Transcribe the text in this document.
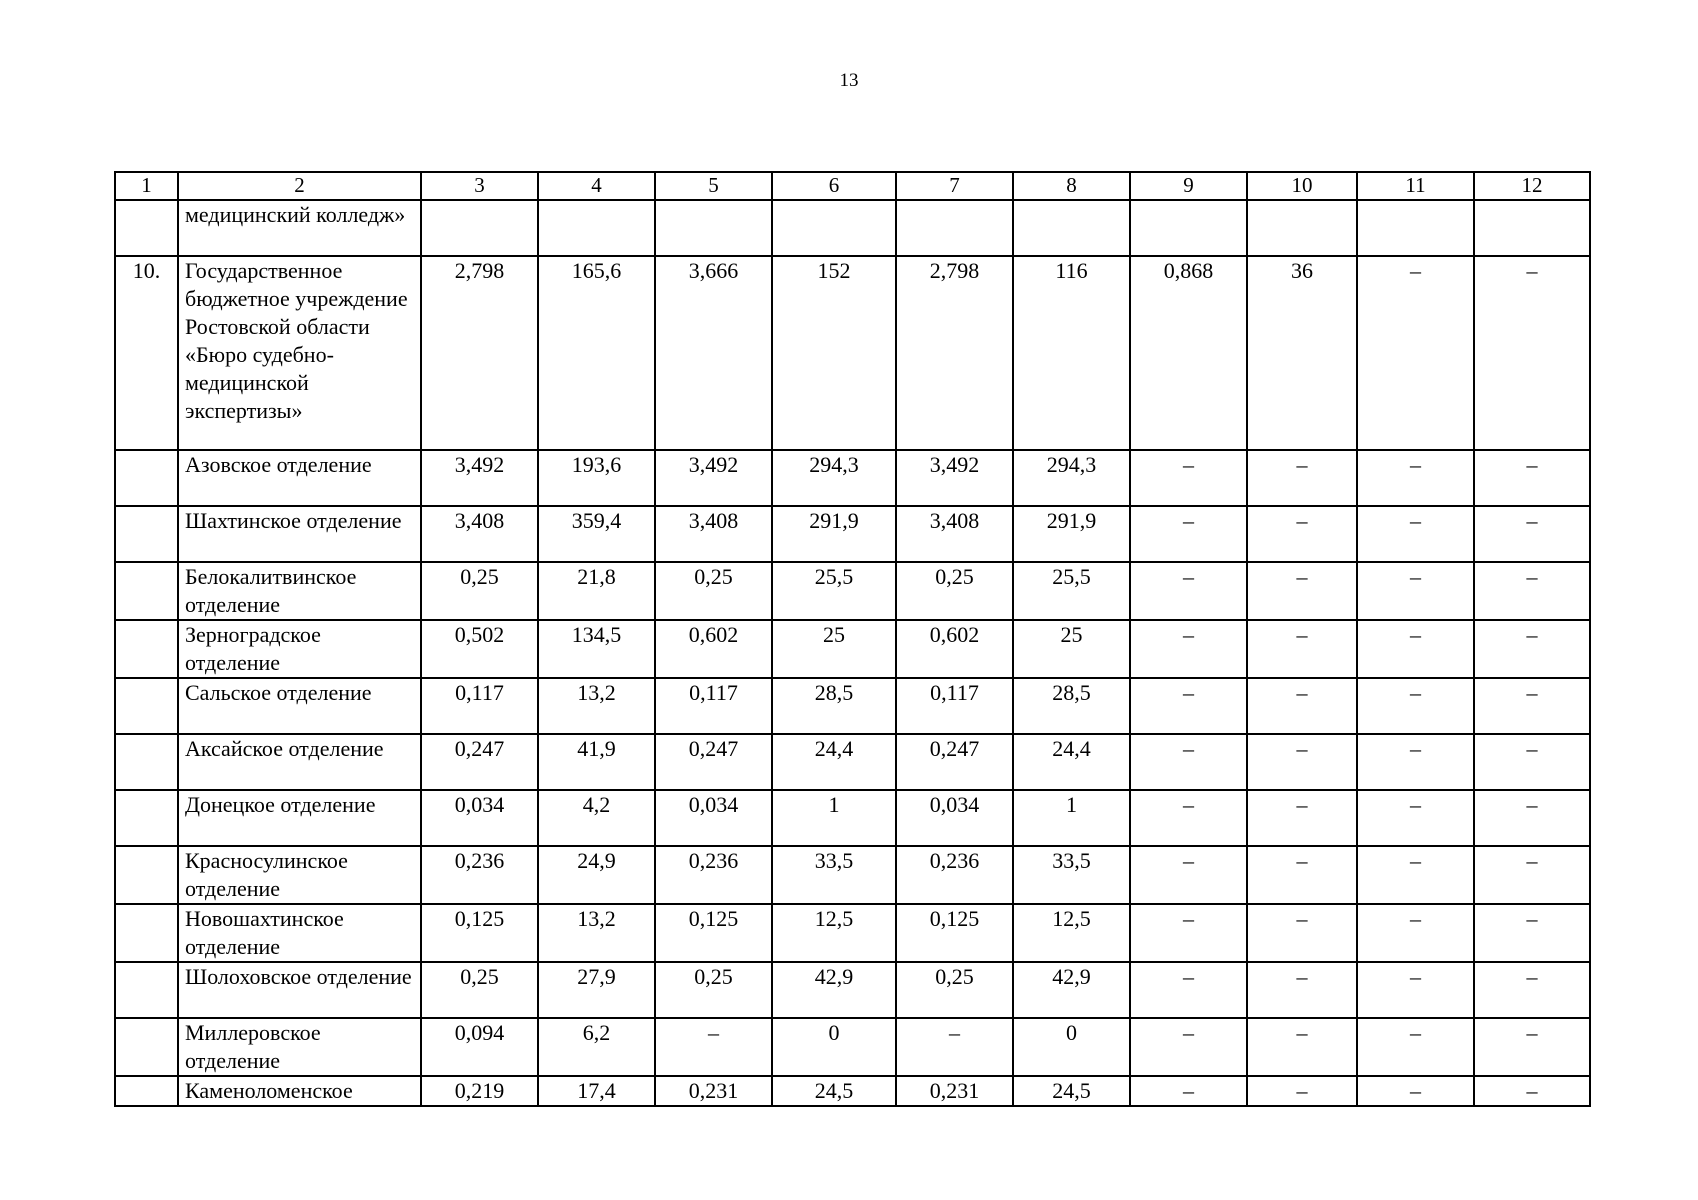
13
1	2	3	4	5	6	7	8	9	10	11	12
	медицинский колледж»										
10.	Государственное бюджетное учреждение Ростовской области «Бюро судебно-медицинской экспертизы»	2,798	165,6	3,666	152	2,798	116	0,868	36	–	–
	Азовское отделение	3,492	193,6	3,492	294,3	3,492	294,3	–	–	–	–
	Шахтинское отделение	3,408	359,4	3,408	291,9	3,408	291,9	–	–	–	–
	Белокалитвинское отделение	0,25	21,8	0,25	25,5	0,25	25,5	–	–	–	–
	Зерноградское отделение	0,502	134,5	0,602	25	0,602	25	–	–	–	–
	Сальское отделение	0,117	13,2	0,117	28,5	0,117	28,5	–	–	–	–
	Аксайское отделение	0,247	41,9	0,247	24,4	0,247	24,4	–	–	–	–
	Донецкое отделение	0,034	4,2	0,034	1	0,034	1	–	–	–	–
	Красносулинское отделение	0,236	24,9	0,236	33,5	0,236	33,5	–	–	–	–
	Новошахтинское отделение	0,125	13,2	0,125	12,5	0,125	12,5	–	–	–	–
	Шолоховское отделение	0,25	27,9	0,25	42,9	0,25	42,9	–	–	–	–
	Миллеровское отделение	0,094	6,2	–	0	–	0	–	–	–	–
	Каменоломенское	0,219	17,4	0,231	24,5	0,231	24,5	–	–	–	–
